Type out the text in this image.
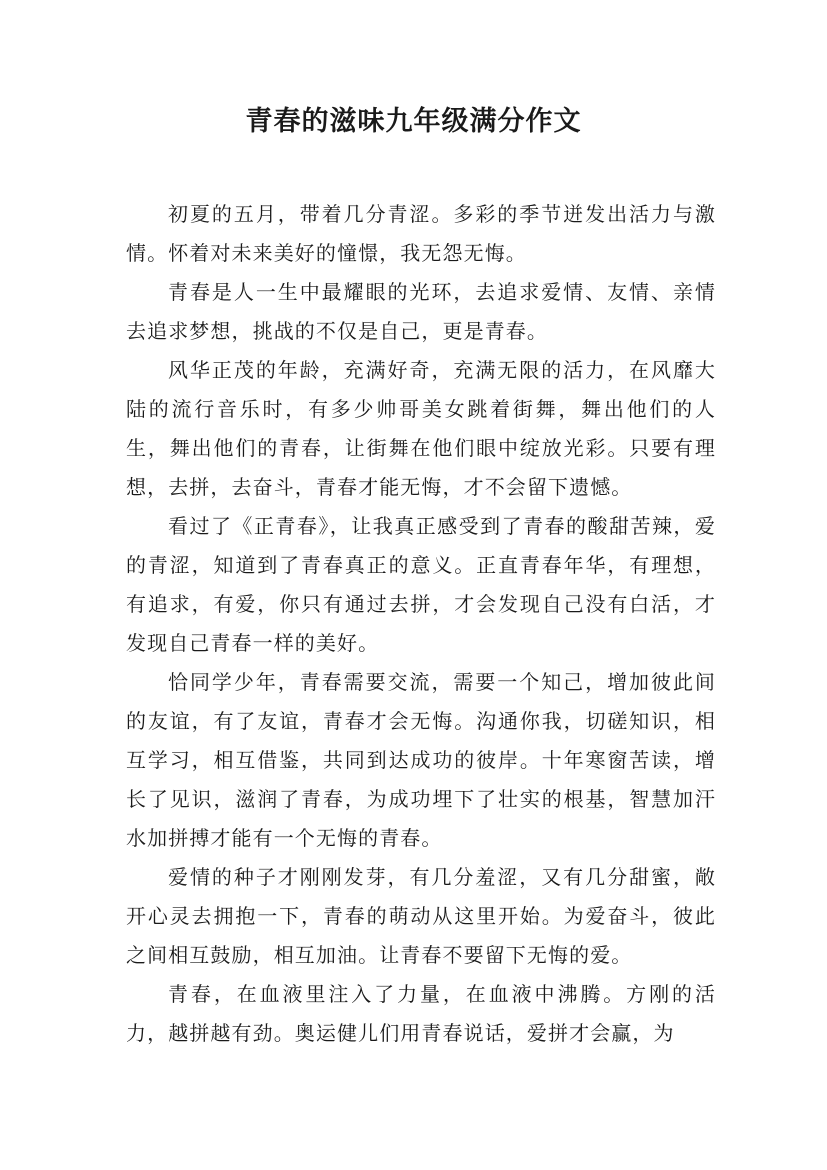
青春的滋味九年级满分作文

初夏的五月，带着几分青涩。多彩的季节迸发出活力与激情。怀着对未来美好的憧憬，我无怨无悔。

青春是人一生中最耀眼的光环，去追求爱情、友情、亲情去追求梦想，挑战的不仅是自己，更是青春。

风华正茂的年龄，充满好奇，充满无限的活力，在风靡大陆的流行音乐时，有多少帅哥美女跳着街舞，舞出他们的人生，舞出他们的青春，让街舞在他们眼中绽放光彩。只要有理想，去拼，去奋斗，青春才能无悔，才不会留下遗憾。

看过了《正青春》，让我真正感受到了青春的酸甜苦辣，爱的青涩，知道到了青春真正的意义。正直青春年华，有理想，有追求，有爱，你只有通过去拼，才会发现自己没有白活，才发现自己青春一样的美好。

恰同学少年，青春需要交流，需要一个知己，增加彼此间的友谊，有了友谊，青春才会无悔。沟通你我，切磋知识，相互学习，相互借鉴，共同到达成功的彼岸。十年寒窗苦读，增长了见识，滋润了青春，为成功埋下了壮实的根基，智慧加汗水加拼搏才能有一个无悔的青春。

爱情的种子才刚刚发芽，有几分羞涩，又有几分甜蜜，敞开心灵去拥抱一下，青春的萌动从这里开始。为爱奋斗，彼此之间相互鼓励，相互加油。让青春不要留下无悔的爱。

青春，在血液里注入了力量，在血液中沸腾。方刚的活力，越拼越有劲。奥运健儿们用青春说话，爱拼才会赢，为
